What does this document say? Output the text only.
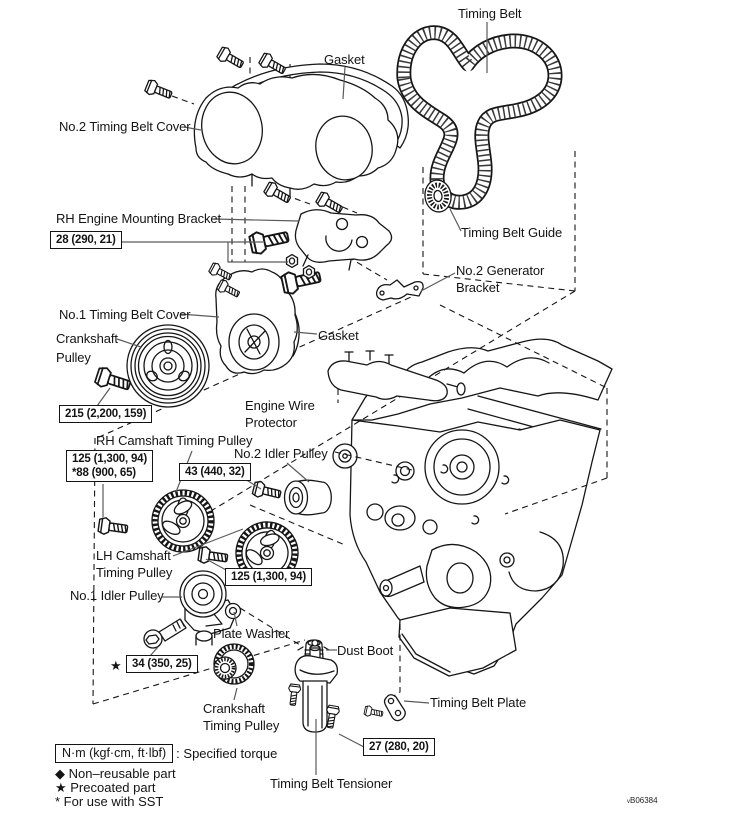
Timing Belt
Gasket
No.2 Timing Belt Cover
RH Engine Mounting Bracket
28 (290, 21)	Timing Belt Guide
No.2 Generator
Bracket
No.1 Timing Belt Cover
Crankshaft
Pulley
215 (2,200, 159)
Gasket
Engine Wire
Protector
RH Camshaft Timing Pulley
No.2 Idler Pulley
125 (1,300, 94)
*88 (900, 65)	43 (440, 32)
LH Camshaft
Timing Pulley	125 (1,300, 94)
No.1 Idler Pulley
Plate Washer
★ 34 (350, 25)
Crankshaft
Timing Pulley
Dust Boot
Timing Belt Plate
27 (280, 20)
Timing Belt Tensioner
N·m (kgf·cm, ft·lbf) : Specified torque
◆ Non–reusable part
★ Precoated part
* For use with SST	vB06384
